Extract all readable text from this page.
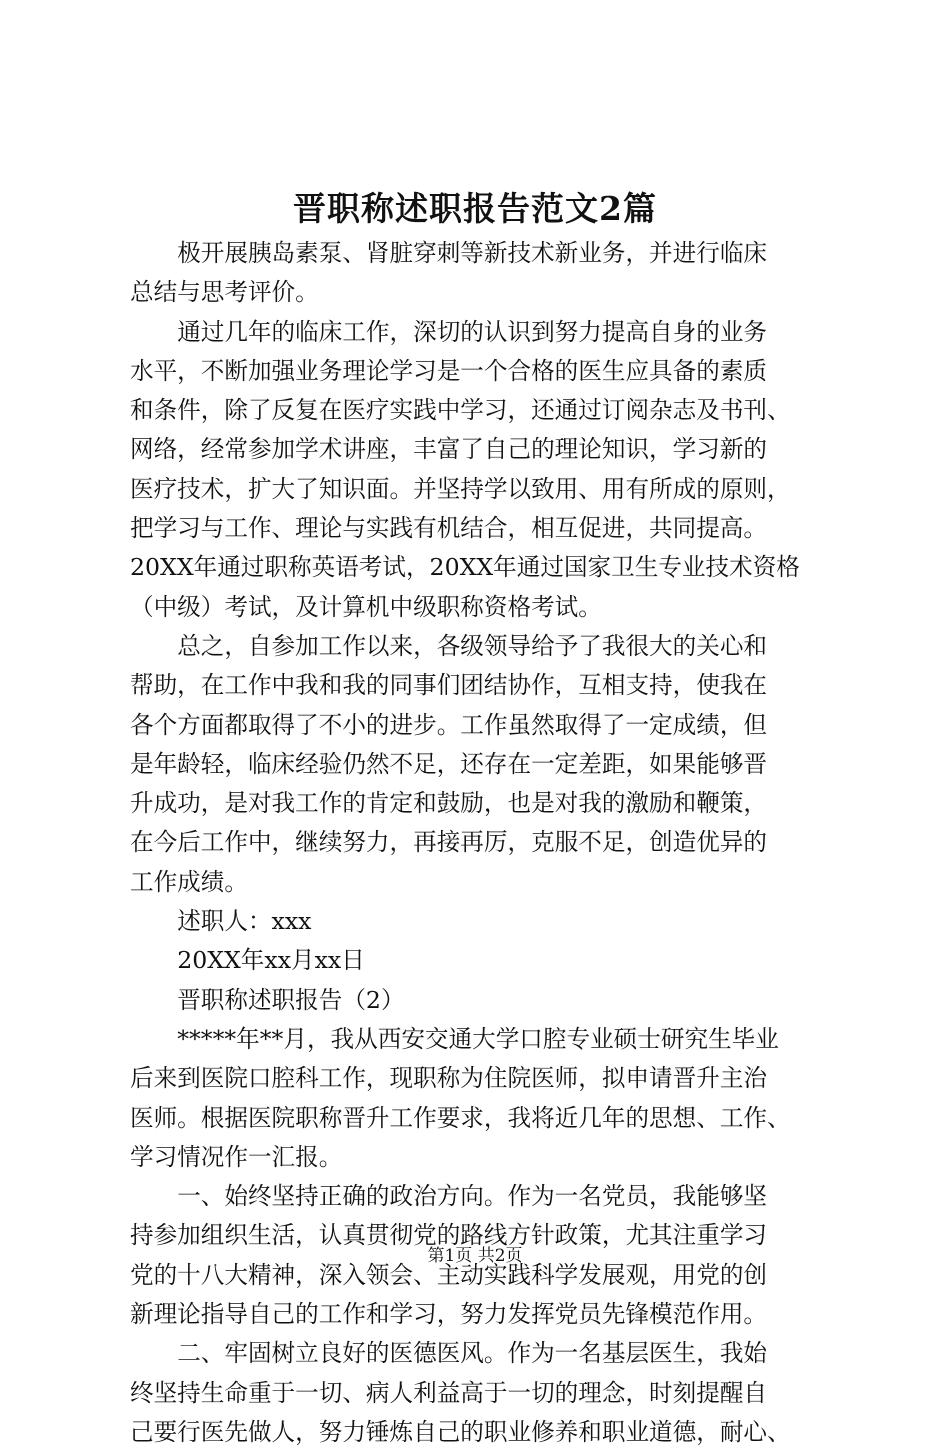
晋职称述职报告范文2篇

极开展胰岛素泵、肾脏穿刺等新技术新业务，并进行临床
总结与思考评价。

通过几年的临床工作，深切的认识到努力提高自身的业务
水平，不断加强业务理论学习是一个合格的医生应具备的素质
和条件，除了反复在医疗实践中学习，还通过订阅杂志及书刊、
网络，经常参加学术讲座，丰富了自己的理论知识，学习新的
医疗技术，扩大了知识面。并坚持学以致用、用有所成的原则，
把学习与工作、理论与实践有机结合，相互促进，共同提高。
20XX年通过职称英语考试，20XX年通过国家卫生专业技术资格
（中级）考试，及计算机中级职称资格考试。

总之，自参加工作以来，各级领导给予了我很大的关心和
帮助，在工作中我和我的同事们团结协作，互相支持，使我在
各个方面都取得了不小的进步。工作虽然取得了一定成绩，但
是年龄轻，临床经验仍然不足，还存在一定差距，如果能够晋
升成功，是对我工作的肯定和鼓励，也是对我的激励和鞭策，
在今后工作中，继续努力，再接再厉，克服不足，创造优异的
工作成绩。

述职人：xxx

20XX年xx月xx日

晋职称述职报告（2）

*****年**月，我从西安交通大学口腔专业硕士研究生毕业
后来到医院口腔科工作，现职称为住院医师，拟申请晋升主治
医师。根据医院职称晋升工作要求，我将近几年的思想、工作、
学习情况作一汇报。

一、始终坚持正确的政治方向。作为一名党员，我能够坚
持参加组织生活，认真贯彻党的路线方针政策，尤其注重学习
党的十八大精神，深入领会、主动实践科学发展观，用党的创
新理论指导自己的工作和学习，努力发挥党员先锋模范作用。

二、牢固树立良好的医德医风。作为一名基层医生，我始
终坚持生命重于一切、病人利益高于一切的理念，时刻提醒自
己要行医先做人，努力锤炼自己的职业修养和职业道德，耐心、

第1页 共2页
